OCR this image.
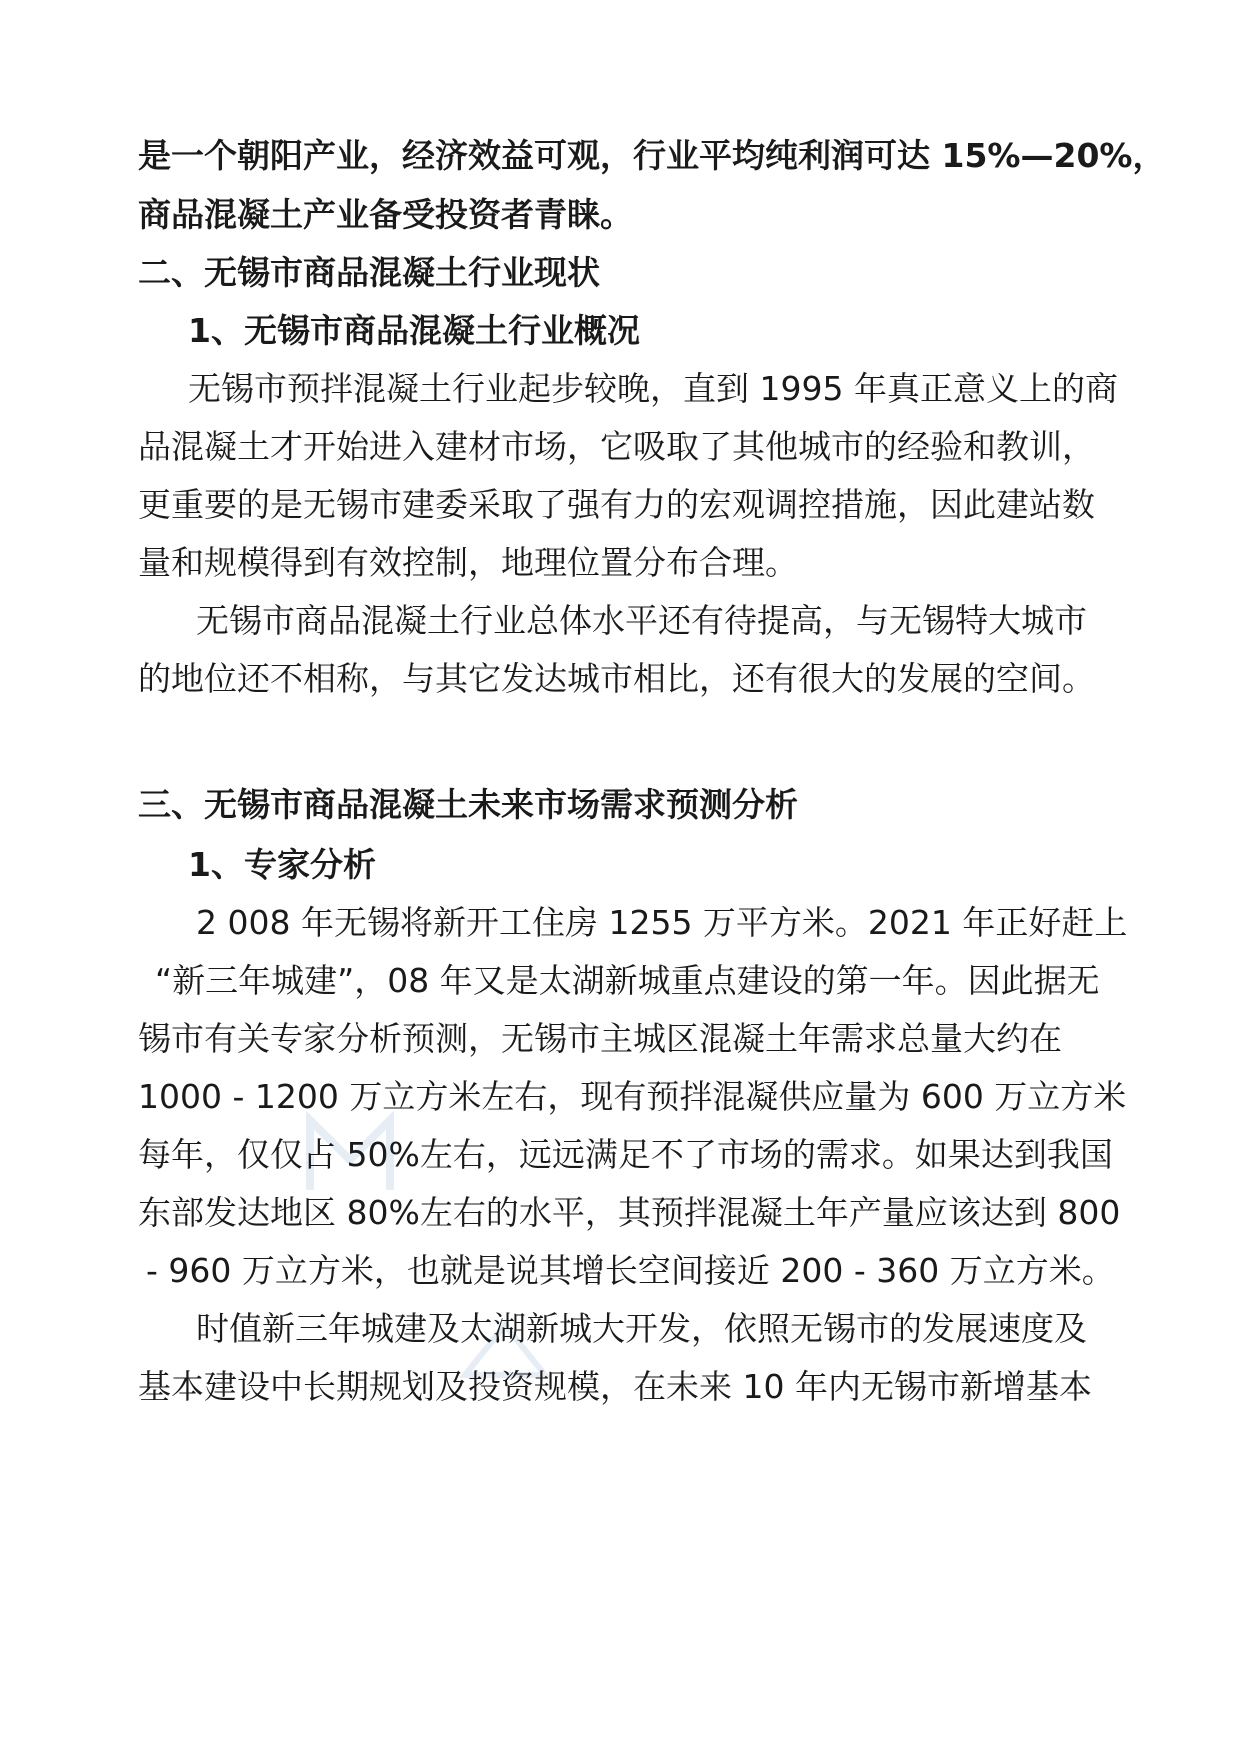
是一个朝阳产业，经济效益可观，行业平均纯利润可达 15%—20%，
商品混凝土产业备受投资者青睐。
二、无锡市商品混凝土行业现状
1、无锡市商品混凝土行业概况
无锡市预拌混凝土行业起步较晚，直到 1995 年真正意义上的商
品混凝土才开始进入建材市场，它吸取了其他城市的经验和教训，
更重要的是无锡市建委采取了强有力的宏观调控措施，因此建站数
量和规模得到有效控制，地理位置分布合理。
无锡市商品混凝土行业总体水平还有待提高，与无锡特大城市
的地位还不相称，与其它发达城市相比，还有很大的发展的空间。
三、无锡市商品混凝土未来市场需求预测分析
1、专家分析
2 008 年无锡将新开工住房 1255 万平方米。2021 年正好赶上
“新三年城建”，08 年又是太湖新城重点建设的第一年。因此据无
锡市有关专家分析预测，无锡市主城区混凝土年需求总量大约在
1000 - 1200 万立方米左右，现有预拌混凝供应量为 600 万立方米
每年，仅仅占 50%左右，远远满足不了市场的需求。如果达到我国
东部发达地区 80%左右的水平，其预拌混凝土年产量应该达到 800
- 960 万立方米，也就是说其增长空间接近 200 - 360 万立方米。
时值新三年城建及太湖新城大开发，依照无锡市的发展速度及
基本建设中长期规划及投资规模，在未来 10 年内无锡市新增基本
